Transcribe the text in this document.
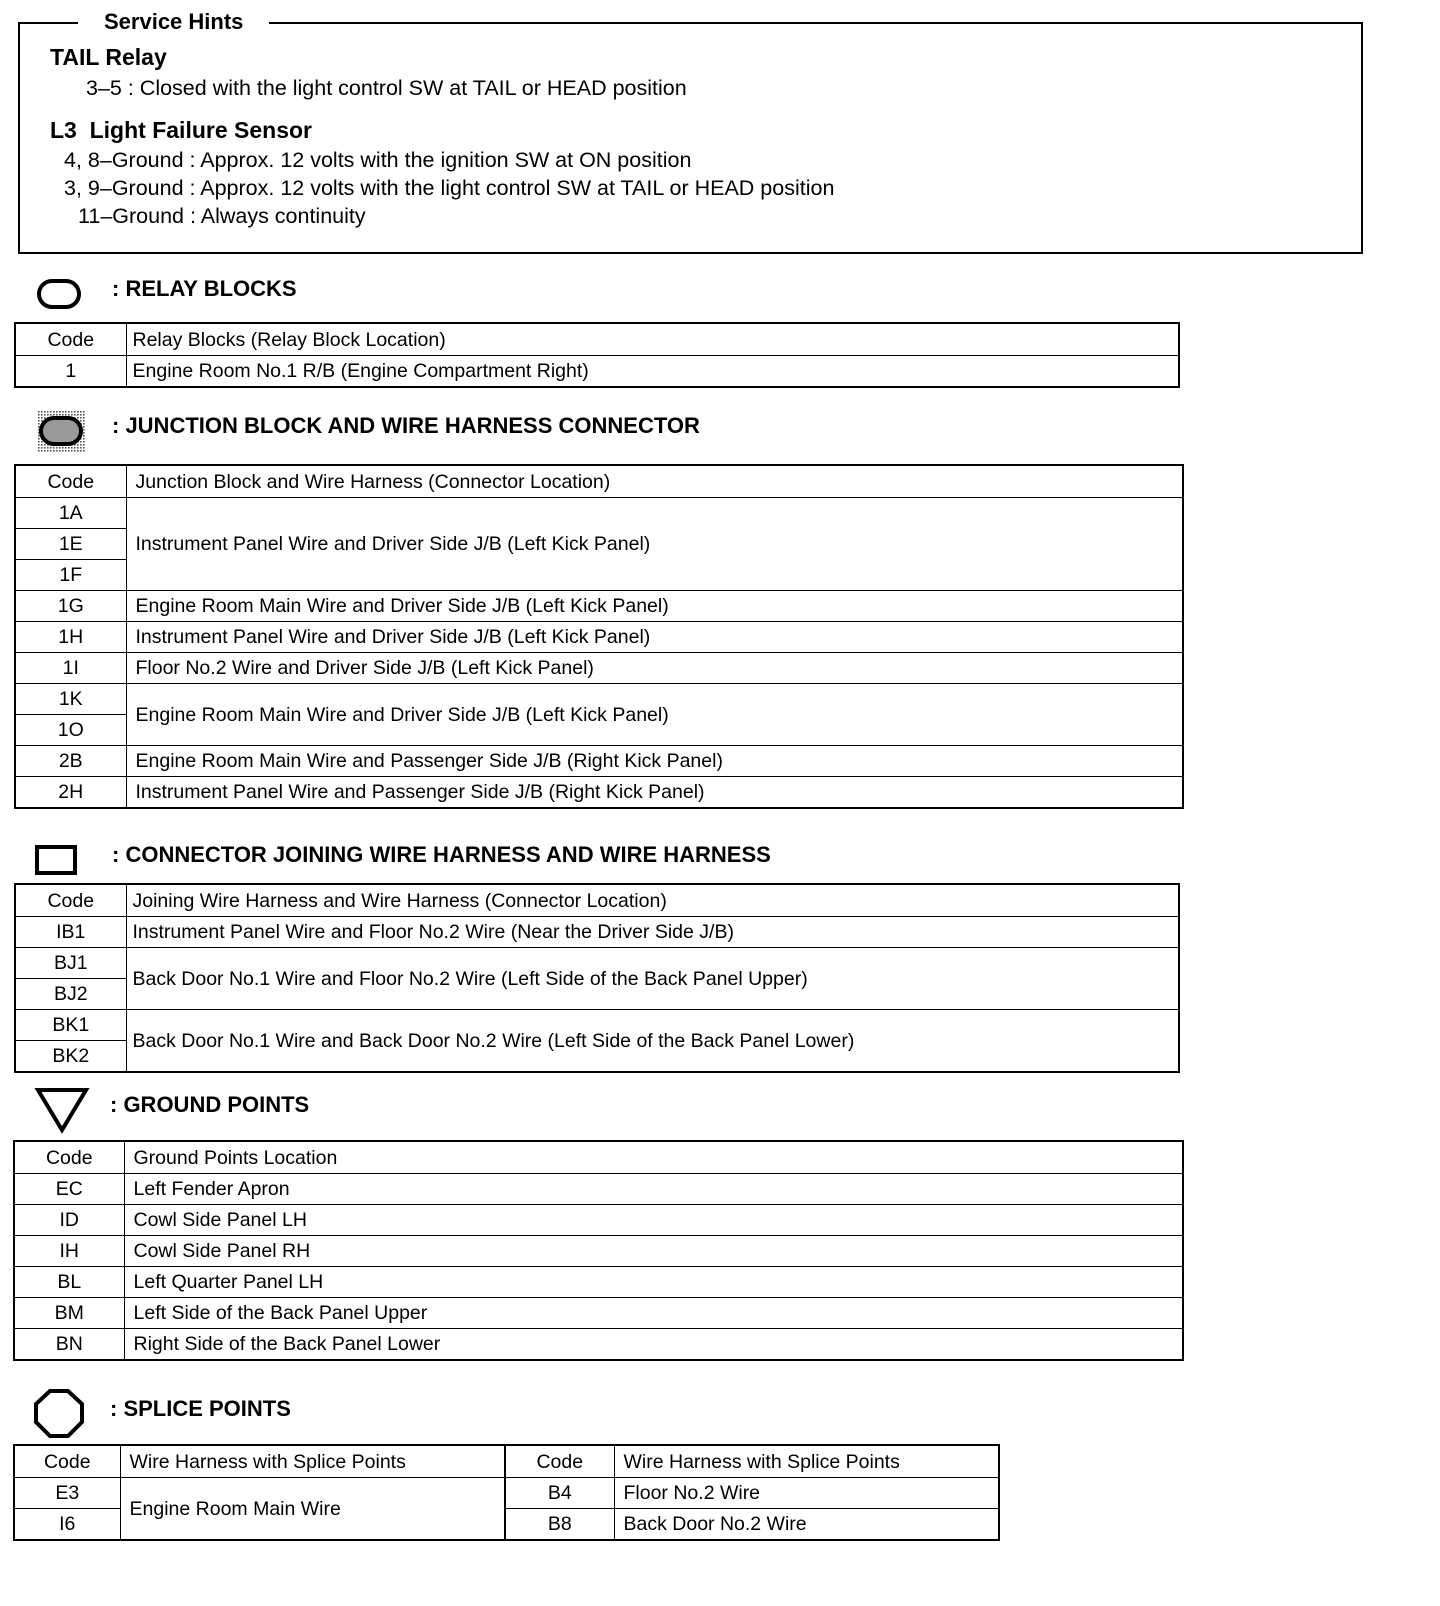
Service Hints
TAIL Relay
3–5 : Closed with the light control SW at TAIL or HEAD position
L3  Light Failure Sensor
4, 8–Ground : Approx. 12 volts with the ignition SW at ON position
3, 9–Ground : Approx. 12 volts with the light control SW at TAIL or HEAD position
11–Ground : Always continuity
: RELAY BLOCKS
Code	Relay Blocks (Relay Block Location)
1	Engine Room No.1 R/B (Engine Compartment Right)
: JUNCTION BLOCK AND WIRE HARNESS CONNECTOR
Code	Junction Block and Wire Harness (Connector Location)
1A	Instrument Panel Wire and Driver Side J/B (Left Kick Panel)
1E	
1F	
1G	Engine Room Main Wire and Driver Side J/B (Left Kick Panel)
1H	Instrument Panel Wire and Driver Side J/B (Left Kick Panel)
1I	Floor No.2 Wire and Driver Side J/B (Left Kick Panel)
1K	Engine Room Main Wire and Driver Side J/B (Left Kick Panel)
1O	
2B	Engine Room Main Wire and Passenger Side J/B (Right Kick Panel)
2H	Instrument Panel Wire and Passenger Side J/B (Right Kick Panel)
: CONNECTOR JOINING WIRE HARNESS AND WIRE HARNESS
Code	Joining Wire Harness and Wire Harness (Connector Location)
IB1	Instrument Panel Wire and Floor No.2 Wire (Near the Driver Side J/B)
BJ1	Back Door No.1 Wire and Floor No.2 Wire (Left Side of the Back Panel Upper)
BJ2	
BK1	Back Door No.1 Wire and Back Door No.2 Wire (Left Side of the Back Panel Lower)
BK2	
: GROUND POINTS
Code	Ground Points Location
EC	Left Fender Apron
ID	Cowl Side Panel LH
IH	Cowl Side Panel RH
BL	Left Quarter Panel LH
BM	Left Side of the Back Panel Upper
BN	Right Side of the Back Panel Lower
: SPLICE POINTS
Code	Wire Harness with Splice Points	Code	Wire Harness with Splice Points
E3	Engine Room Main Wire	B4	Floor No.2 Wire
I6		B8	Back Door No.2 Wire
